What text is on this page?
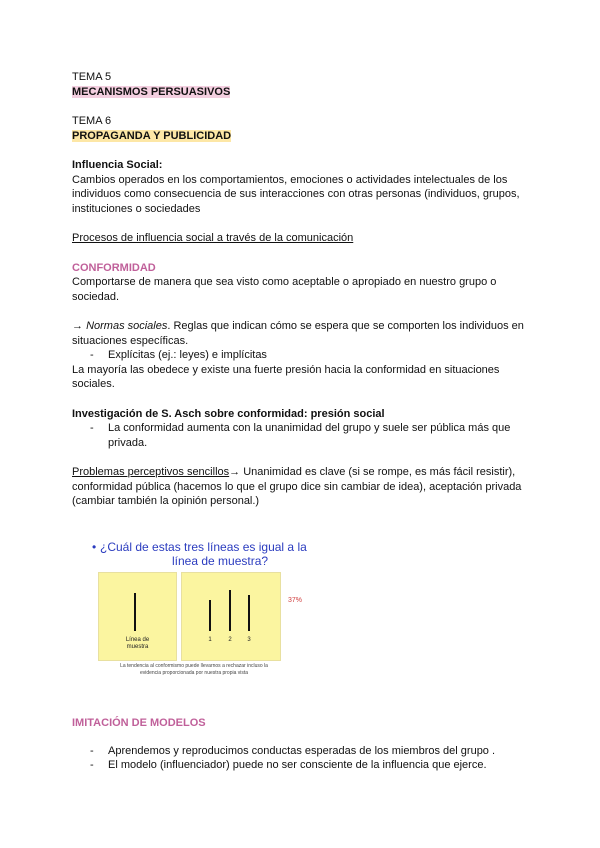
TEMA 5

MECANISMOS PERSUASIVOS

TEMA 6

PROPAGANDA Y PUBLICIDAD

Influencia Social:

Cambios operados en los comportamientos, emociones o actividades intelectuales de los individuos como consecuencia de sus interacciones con otras personas (individuos, grupos, instituciones o sociedades

Procesos de influencia social a través de la comunicación

CONFORMIDAD

Comportarse de manera que sea visto como aceptable o apropiado en nuestro grupo o sociedad.

→ Normas sociales. Reglas que indican cómo se espera que se comporten los individuos en situaciones específicas.

- Explícitas (ej.: leyes) e implícitas

La mayoría las obedece y existe una fuerte presión hacia la conformidad en situaciones sociales.

Investigación de S. Asch sobre conformidad: presión social

- La conformidad aumenta con la unanimidad del grupo y suele ser pública más que privada.

Problemas perceptivos sencillos→ Unanimidad es clave (si se rompe, es más fácil resistir), conformidad pública (hacemos lo que el grupo dice sin cambiar de idea), aceptación privada (cambiar también la opinión personal.)

• ¿Cuál de estas tres líneas es igual a la
línea de muestra?
Línea de
muestra
1	2	3
37%
La tendencia al conformismo puede llevarnos a rechazar incluso la
evidencia proporcionada por nuestra propia vista

IMITACIÓN DE MODELOS

- Aprendemos y reproducimos conductas esperadas de los miembros del grupo .
- El modelo (influenciador) puede no ser consciente de la influencia que ejerce.
